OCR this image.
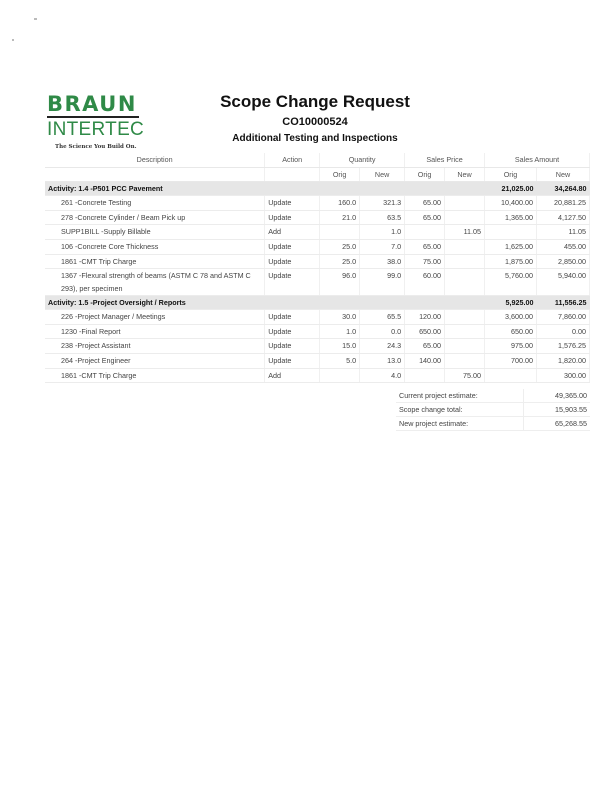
BRAUN
INTERTEC
The Science You Build On.
Scope Change Request
CO10000524
Additional Testing and Inspections
Description	Action	Quantity		Sales Price		Sales Amount	
		Orig	New	Orig	New	Orig	New
Activity: 1.4 -P501 PCC Pavement						21,025.00	34,264.80
261 -Concrete Testing	Update	160.0	321.3	65.00		10,400.00	20,881.25
278 -Concrete Cylinder / Beam Pick up	Update	21.0	63.5	65.00		1,365.00	4,127.50
SUPP1BILL -Supply Billable	Add		1.0		11.05		11.05
106 -Concrete Core Thickness	Update	25.0	7.0	65.00		1,625.00	455.00
1861 -CMT Trip Charge	Update	25.0	38.0	75.00		1,875.00	2,850.00
1367 -Flexural strength of beams (ASTM C 78 and ASTM C 293), per specimen	Update	96.0	99.0	60.00		5,760.00	5,940.00
Activity: 1.5 -Project Oversight / Reports						5,925.00	11,556.25
226 -Project Manager / Meetings	Update	30.0	65.5	120.00		3,600.00	7,860.00
1230 -Final Report	Update	1.0	0.0	650.00		650.00	0.00
238 -Project Assistant	Update	15.0	24.3	65.00		975.00	1,576.25
264 -Project Engineer	Update	5.0	13.0	140.00		700.00	1,820.00
1861 -CMT Trip Charge	Add		4.0		75.00		300.00
Current project estimate:	49,365.00
Scope change total:	15,903.55
New project estimate:	65,268.55
